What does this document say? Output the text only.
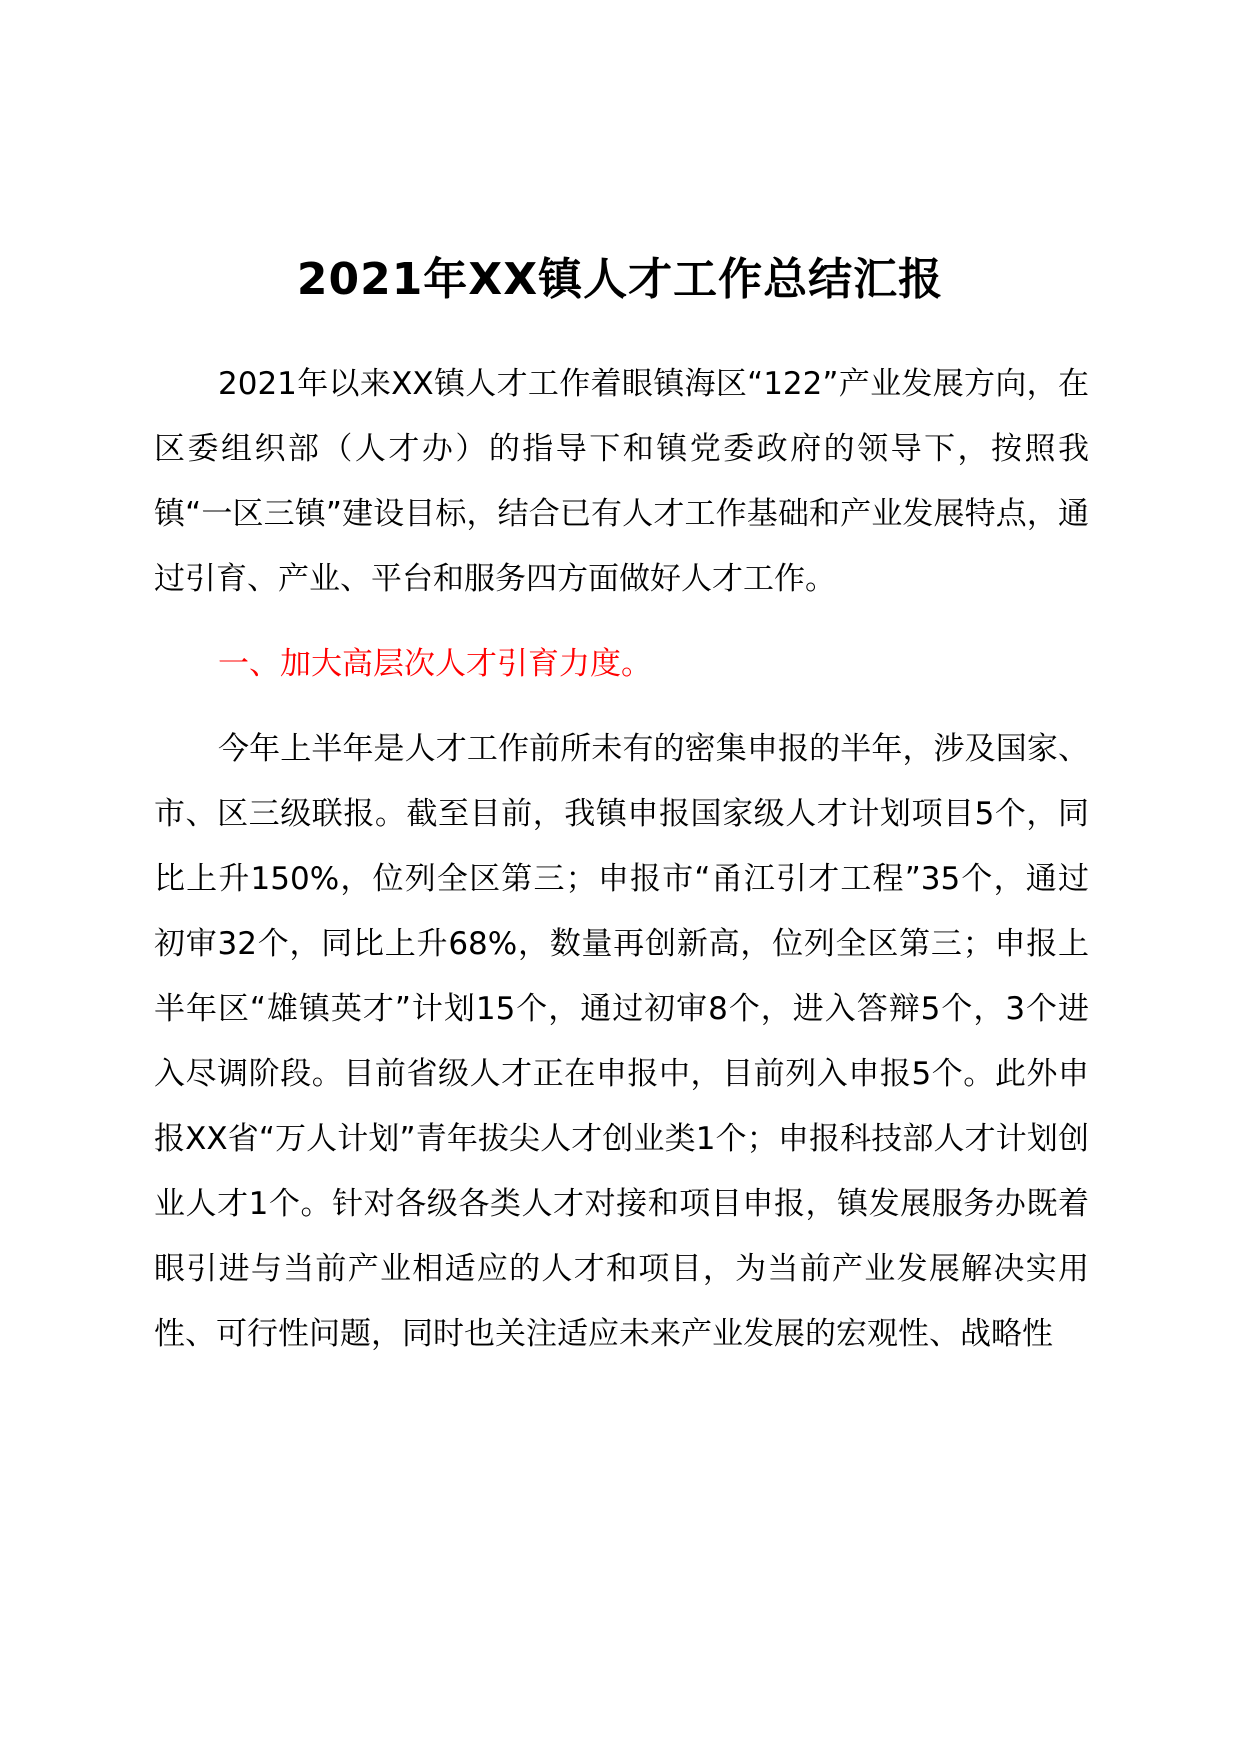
2021年XX镇人才工作总结汇报

2021年以来XX镇人才工作着眼镇海区“122”产业发展方向，在区委组织部（人才办）的指导下和镇党委政府的领导下，按照我镇“一区三镇”建设目标，结合已有人才工作基础和产业发展特点，通过引育、产业、平台和服务四方面做好人才工作。

一、加大高层次人才引育力度。

今年上半年是人才工作前所未有的密集申报的半年，涉及国家、市、区三级联报。截至目前，我镇申报国家级人才计划项目5个，同比上升150%，位列全区第三；申报市“甬江引才工程”35个，通过初审32个，同比上升68%，数量再创新高，位列全区第三；申报上半年区“雄镇英才”计划15个，通过初审8个，进入答辩5个，3个进入尽调阶段。目前省级人才正在申报中，目前列入申报5个。此外申报XX省“万人计划”青年拔尖人才创业类1个；申报科技部人才计划创业人才1个。针对各级各类人才对接和项目申报，镇发展服务办既着眼引进与当前产业相适应的人才和项目，为当前产业发展解决实用性、可行性问题，同时也关注适应未来产业发展的宏观性、战略性
